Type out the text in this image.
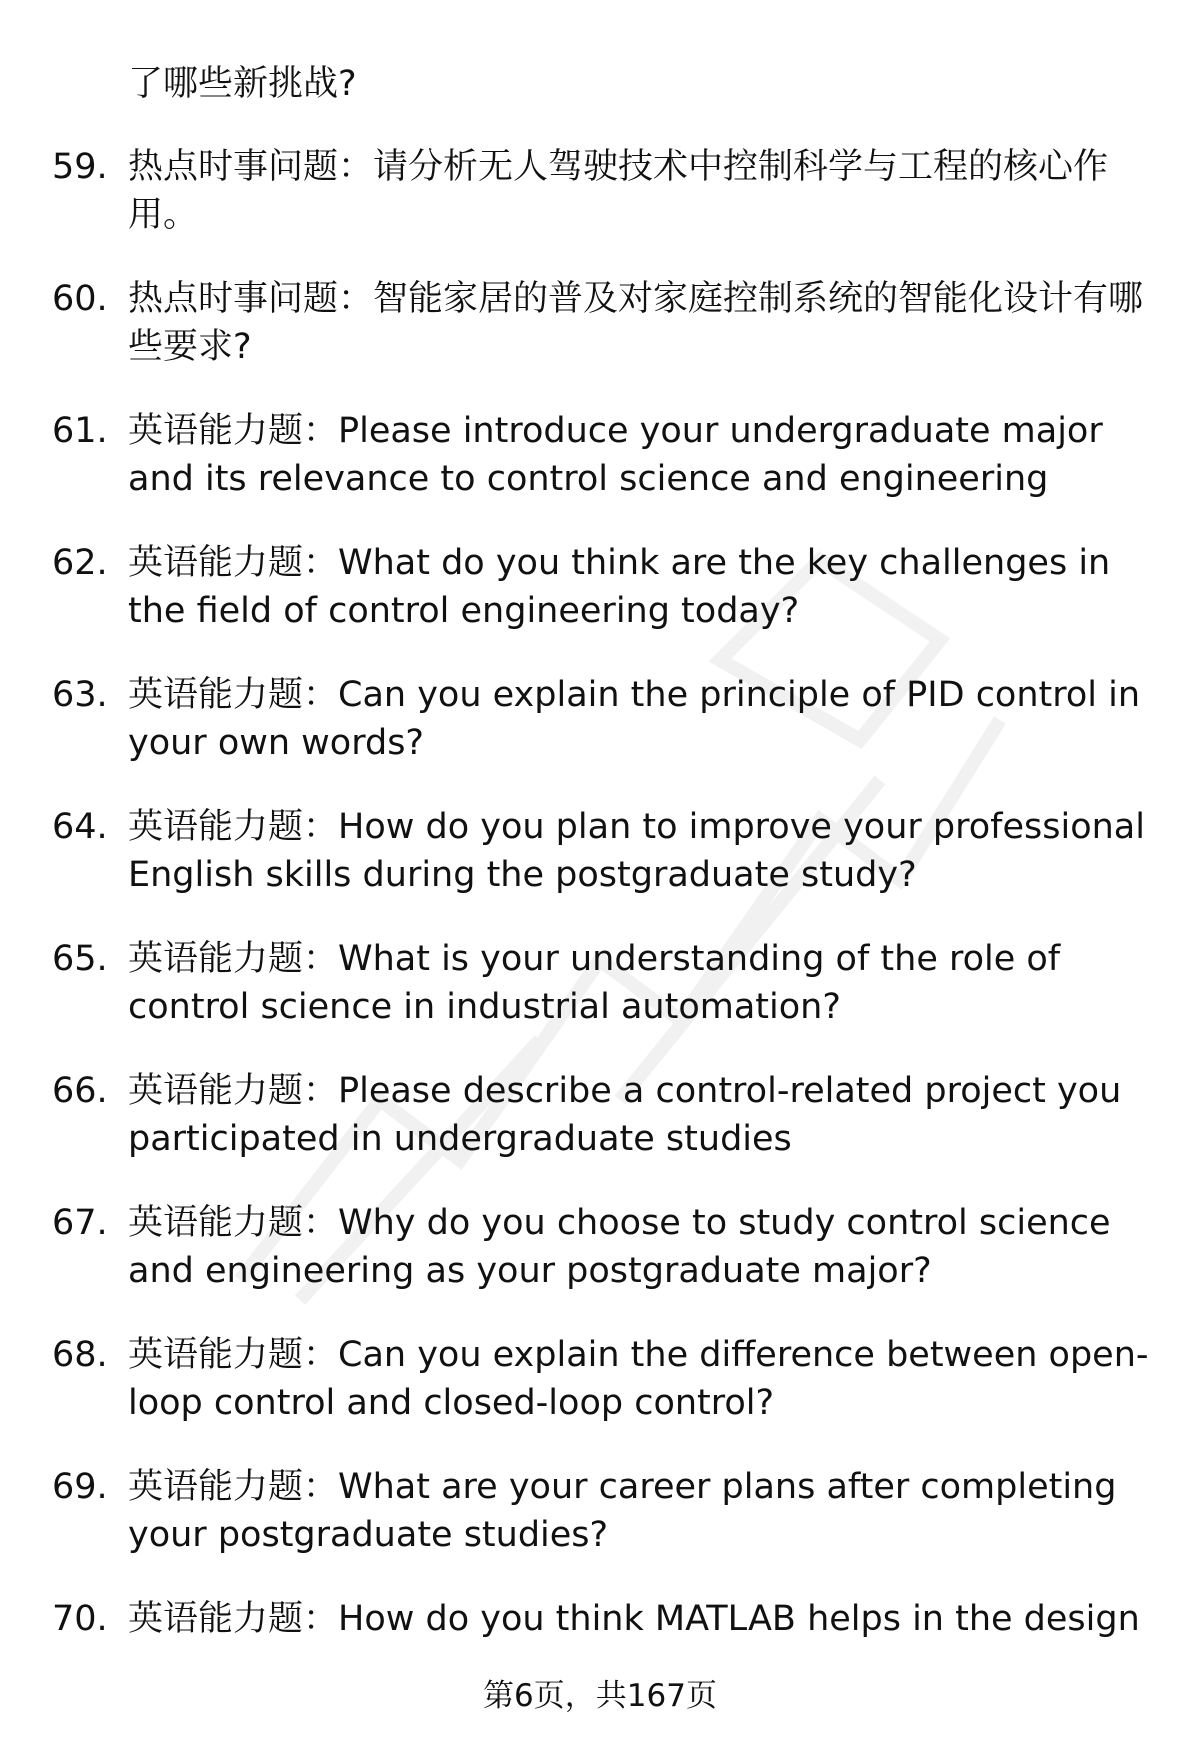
了哪些新挑战?
59. 热点时事问题：请分析无人驾驶技术中控制科学与工程的核心作用。
60. 热点时事问题：智能家居的普及对家庭控制系统的智能化设计有哪些要求?
61. 英语能力题：Please introduce your undergraduate major and its relevance to control science and engineering
62. 英语能力题：What do you think are the key challenges in the field of control engineering today?
63. 英语能力题：Can you explain the principle of PID control in your own words?
64. 英语能力题：How do you plan to improve your professional English skills during the postgraduate study?
65. 英语能力题：What is your understanding of the role of control science in industrial automation?
66. 英语能力题：Please describe a control-related project you participated in undergraduate studies
67. 英语能力题：Why do you choose to study control science and engineering as your postgraduate major?
68. 英语能力题：Can you explain the difference between open-loop control and closed-loop control?
69. 英语能力题：What are your career plans after completing your postgraduate studies?
70. 英语能力题：How do you think MATLAB helps in the design
第6页，共167页
